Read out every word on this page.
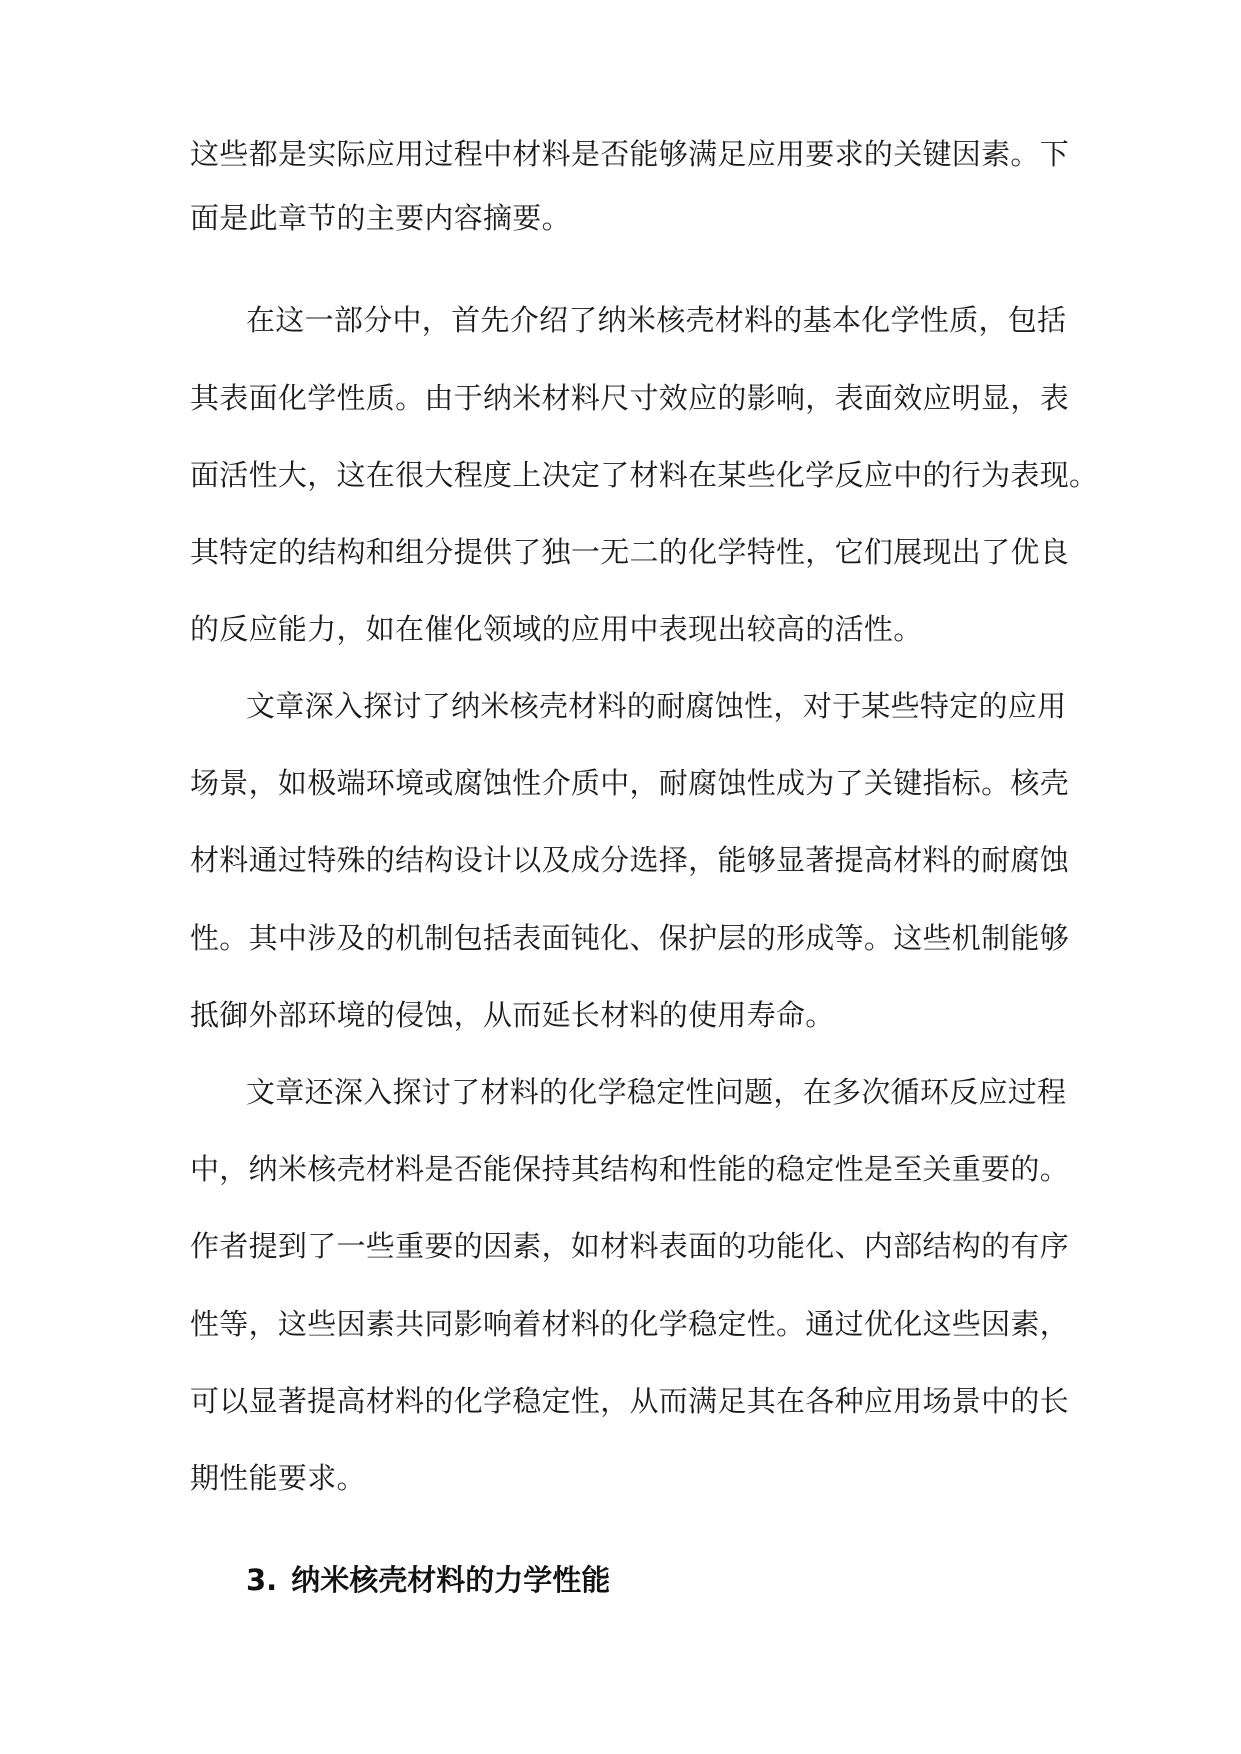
这些都是实际应用过程中材料是否能够满足应用要求的关键因素。下

面是此章节的主要内容摘要。

在这一部分中，首先介绍了纳米核壳材料的基本化学性质，包括

其表面化学性质。由于纳米材料尺寸效应的影响，表面效应明显，表

面活性大，这在很大程度上决定了材料在某些化学反应中的行为表现。

其特定的结构和组分提供了独一无二的化学特性，它们展现出了优良

的反应能力，如在催化领域的应用中表现出较高的活性。

文章深入探讨了纳米核壳材料的耐腐蚀性，对于某些特定的应用

场景，如极端环境或腐蚀性介质中，耐腐蚀性成为了关键指标。核壳

材料通过特殊的结构设计以及成分选择，能够显著提高材料的耐腐蚀

性。其中涉及的机制包括表面钝化、保护层的形成等。这些机制能够

抵御外部环境的侵蚀，从而延长材料的使用寿命。

文章还深入探讨了材料的化学稳定性问题，在多次循环反应过程

中，纳米核壳材料是否能保持其结构和性能的稳定性是至关重要的。

作者提到了一些重要的因素，如材料表面的功能化、内部结构的有序

性等，这些因素共同影响着材料的化学稳定性。通过优化这些因素，

可以显著提高材料的化学稳定性，从而满足其在各种应用场景中的长

期性能要求。

3. 纳米核壳材料的力学性能
